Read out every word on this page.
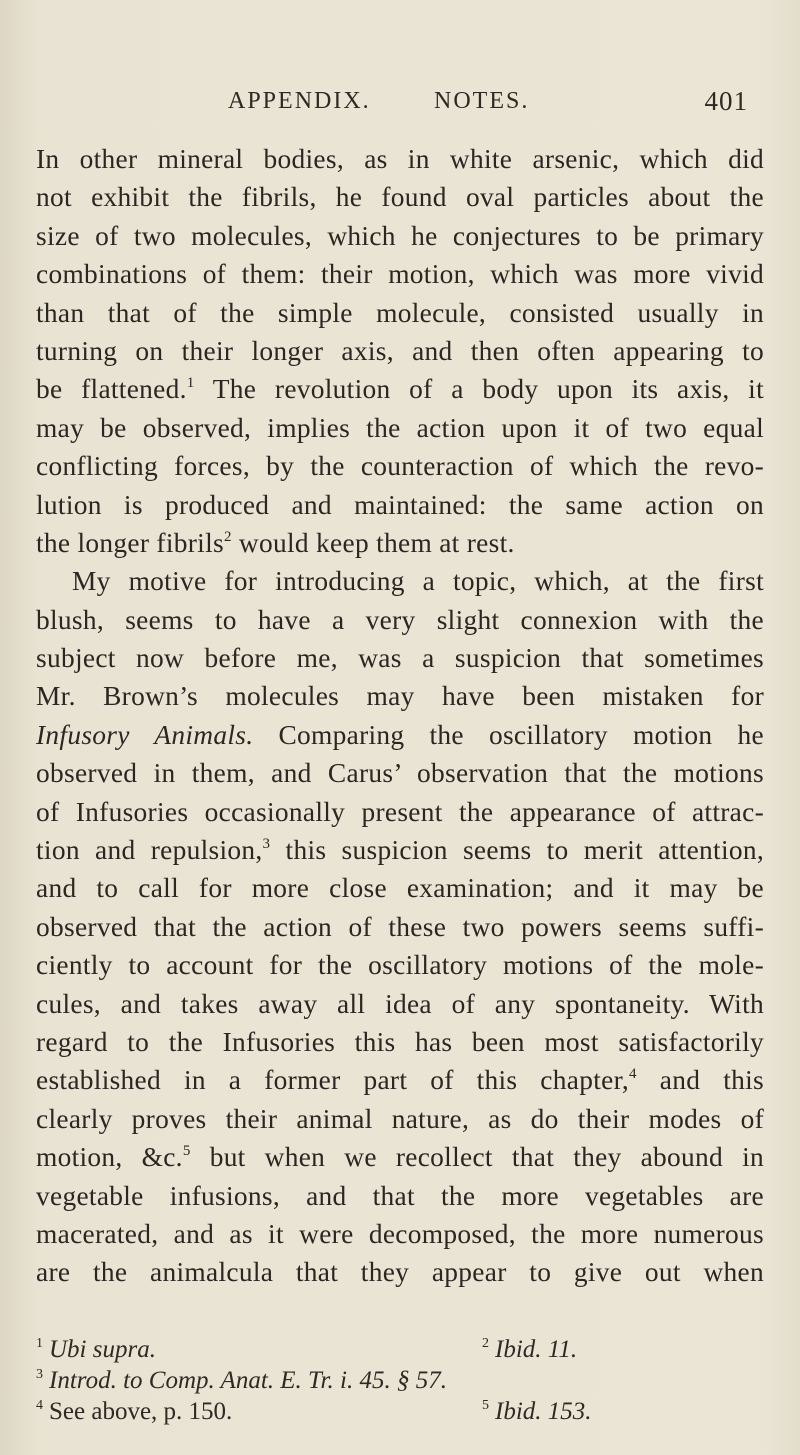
APPENDIX.	NOTES.	401
In other mineral bodies, as in white arsenic, which did
not exhibit the fibrils, he found oval particles about the
size of two molecules, which he conjectures to be primary
combinations of them: their motion, which was more vivid
than that of the simple molecule, consisted usually in
turning on their longer axis, and then often appearing to
be flattened.$^1$ The revolution of a body upon its axis, it
may be observed, implies the action upon it of two equal
conflicting forces, by the counteraction of which the revo-
lution is produced and maintained: the same action on
the longer fibrils$^2$ would keep them at rest.
My motive for introducing a topic, which, at the first
blush, seems to have a very slight connexion with the
subject now before me, was a suspicion that sometimes
Mr. Brown’s molecules may have been mistaken for
Infusory Animals. Comparing the oscillatory motion he
observed in them, and Carus’ observation that the motions
of Infusories occasionally present the appearance of attrac-
tion and repulsion,$^3$ this suspicion seems to merit attention,
and to call for more close examination; and it may be
observed that the action of these two powers seems suffi-
ciently to account for the oscillatory motions of the mole-
cules, and takes away all idea of any spontaneity. With
regard to the Infusories this has been most satisfactorily
established in a former part of this chapter,$^4$ and this
clearly proves their animal nature, as do their modes of
motion, &c.$^5$ but when we recollect that they abound in
vegetable infusions, and that the more vegetables are
macerated, and as it were decomposed, the more numerous
are the animalcula that they appear to give out when
$^1$ Ubi supra.	$^2$ Ibid. 11.
$^3$ Introd. to Comp. Anat. E. Tr. i. 45. § 57.
$^4$ See above, p. 150.	$^5$ Ibid. 153.
